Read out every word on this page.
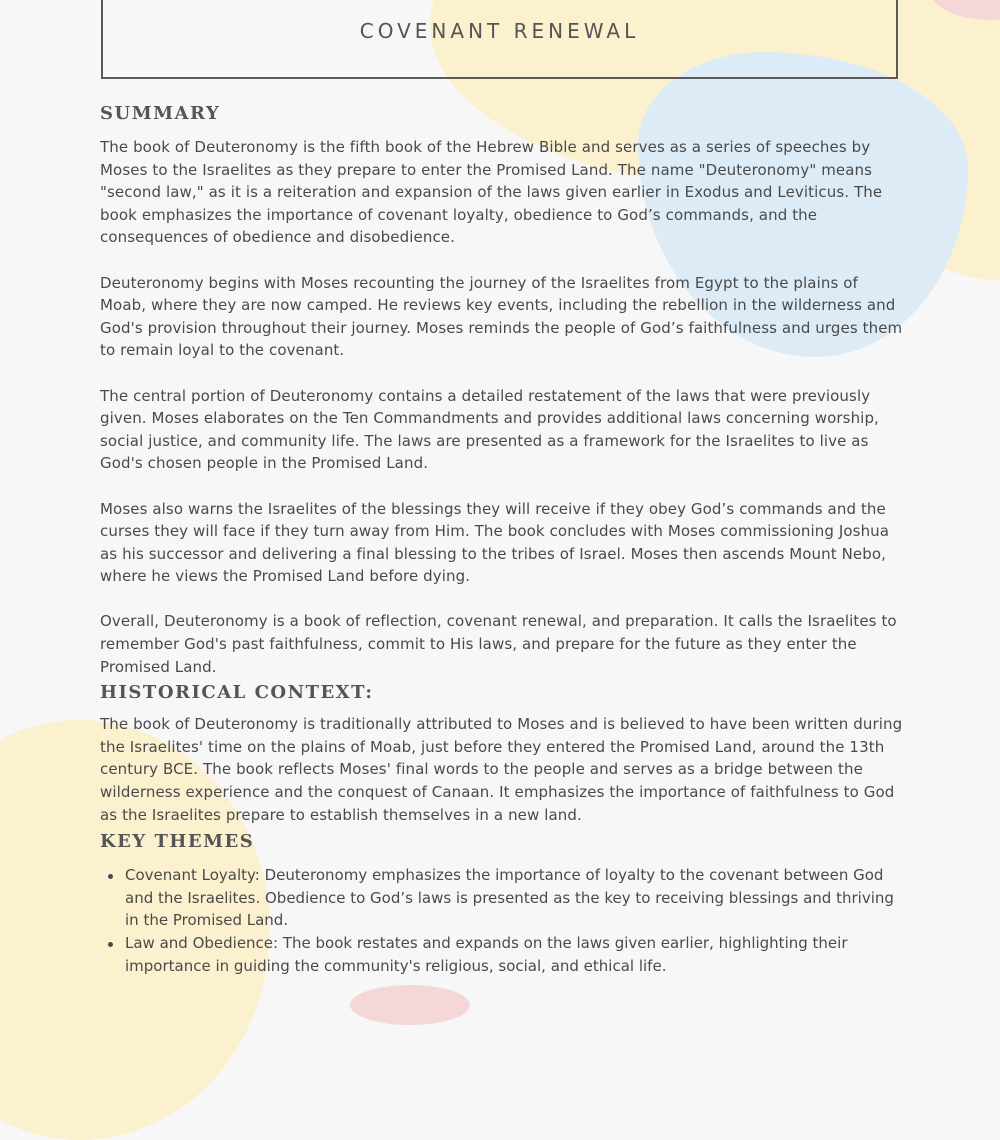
COVENANT RENEWAL

SUMMARY

The book of Deuteronomy is the fifth book of the Hebrew Bible and serves as a series of speeches by Moses to the Israelites as they prepare to enter the Promised Land. The name "Deuteronomy" means "second law," as it is a reiteration and expansion of the laws given earlier in Exodus and Leviticus. The book emphasizes the importance of covenant loyalty, obedience to God’s commands, and the consequences of obedience and disobedience.

Deuteronomy begins with Moses recounting the journey of the Israelites from Egypt to the plains of Moab, where they are now camped. He reviews key events, including the rebellion in the wilderness and God's provision throughout their journey. Moses reminds the people of God’s faithfulness and urges them to remain loyal to the covenant.

The central portion of Deuteronomy contains a detailed restatement of the laws that were previously given. Moses elaborates on the Ten Commandments and provides additional laws concerning worship, social justice, and community life. The laws are presented as a framework for the Israelites to live as God's chosen people in the Promised Land.

Moses also warns the Israelites of the blessings they will receive if they obey God’s commands and the curses they will face if they turn away from Him. The book concludes with Moses commissioning Joshua as his successor and delivering a final blessing to the tribes of Israel. Moses then ascends Mount Nebo, where he views the Promised Land before dying.

Overall, Deuteronomy is a book of reflection, covenant renewal, and preparation. It calls the Israelites to remember God's past faithfulness, commit to His laws, and prepare for the future as they enter the Promised Land.

HISTORICAL CONTEXT:

The book of Deuteronomy is traditionally attributed to Moses and is believed to have been written during the Israelites' time on the plains of Moab, just before they entered the Promised Land, around the 13th century BCE. The book reflects Moses' final words to the people and serves as a bridge between the wilderness experience and the conquest of Canaan. It emphasizes the importance of faithfulness to God as the Israelites prepare to establish themselves in a new land.

KEY THEMES
Covenant Loyalty: Deuteronomy emphasizes the importance of loyalty to the covenant between God and the Israelites. Obedience to God’s laws is presented as the key to receiving blessings and thriving in the Promised Land.
Law and Obedience: The book restates and expands on the laws given earlier, highlighting their importance in guiding the community's religious, social, and ethical life.
